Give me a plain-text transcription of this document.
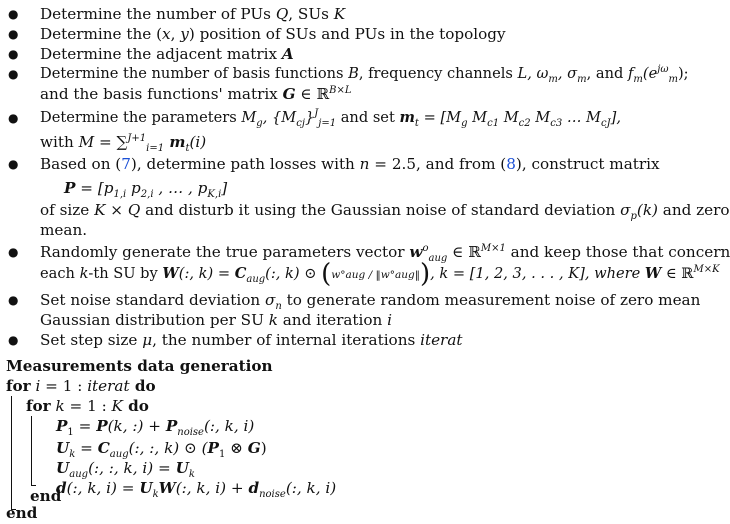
● Determine the number of PUs Q, SUs K
● Determine the (x, y) position of SUs and PUs in the topology
● Determine the adjacent matrix A
● Determine the number of basis functions B, frequency channels L, $\omega_m$, $\sigma_m$, and $f_m(e^{j\omega}_m)$;
and the basis functions' matrix G ∈ ℝ$^{B\times L}$
● Determine the parameters $M_g$, $\{M_{cj}\}^J_{j=1}$ and set $m_t = [M_g$ $M_{c1}$ $M_{c2}$ $M_{c3}$ … $M_{cJ}$],
with M = ∑$^{J+1}_{i=1}$ $m_t(i)$
● Based on (7), determine path losses with n = 2.5, and from (8), construct matrix
$P = [p_{1,i}$ $p_{2,i}$ , … , $p_{K,i}$]
of size K × Q and disturb it using the Gaussian noise of standard deviation $\sigma_p(k)$ and zero
mean.
● Randomly generate the true parameters vector $w^o_{aug}$ ∈ ℝ$^{M\times 1}$ and keep those that concern
each k-th SU by W(:, $k) = C_{aug}$(:, k) ⊙ (w°aug / ‖w°aug‖), k = [1, 2, 3, . . . , K], where W ∈ ℝ$^{M\times K}$
● Set noise standard deviation $\sigma_n$ to generate random measurement noise of zero mean
Gaussian distribution per SU k and iteration i
● Set step size μ, the number of internal iterations iterat
Measurements data generation
for i = 1 : iterat do
for k = 1 : K do
$P_1 = P(k$, :) + $P_{noise}$(:, k, i)
$U_k = C_{aug}$(:, :, k) ⊙ ($P_1$ ⊗ G)
$U_{aug}$(:, :, k, $i) = U_k$
d(:, k, $i) = U_kW$(:, k, $i) + d_{noise}$(:, k, i)
end
end
